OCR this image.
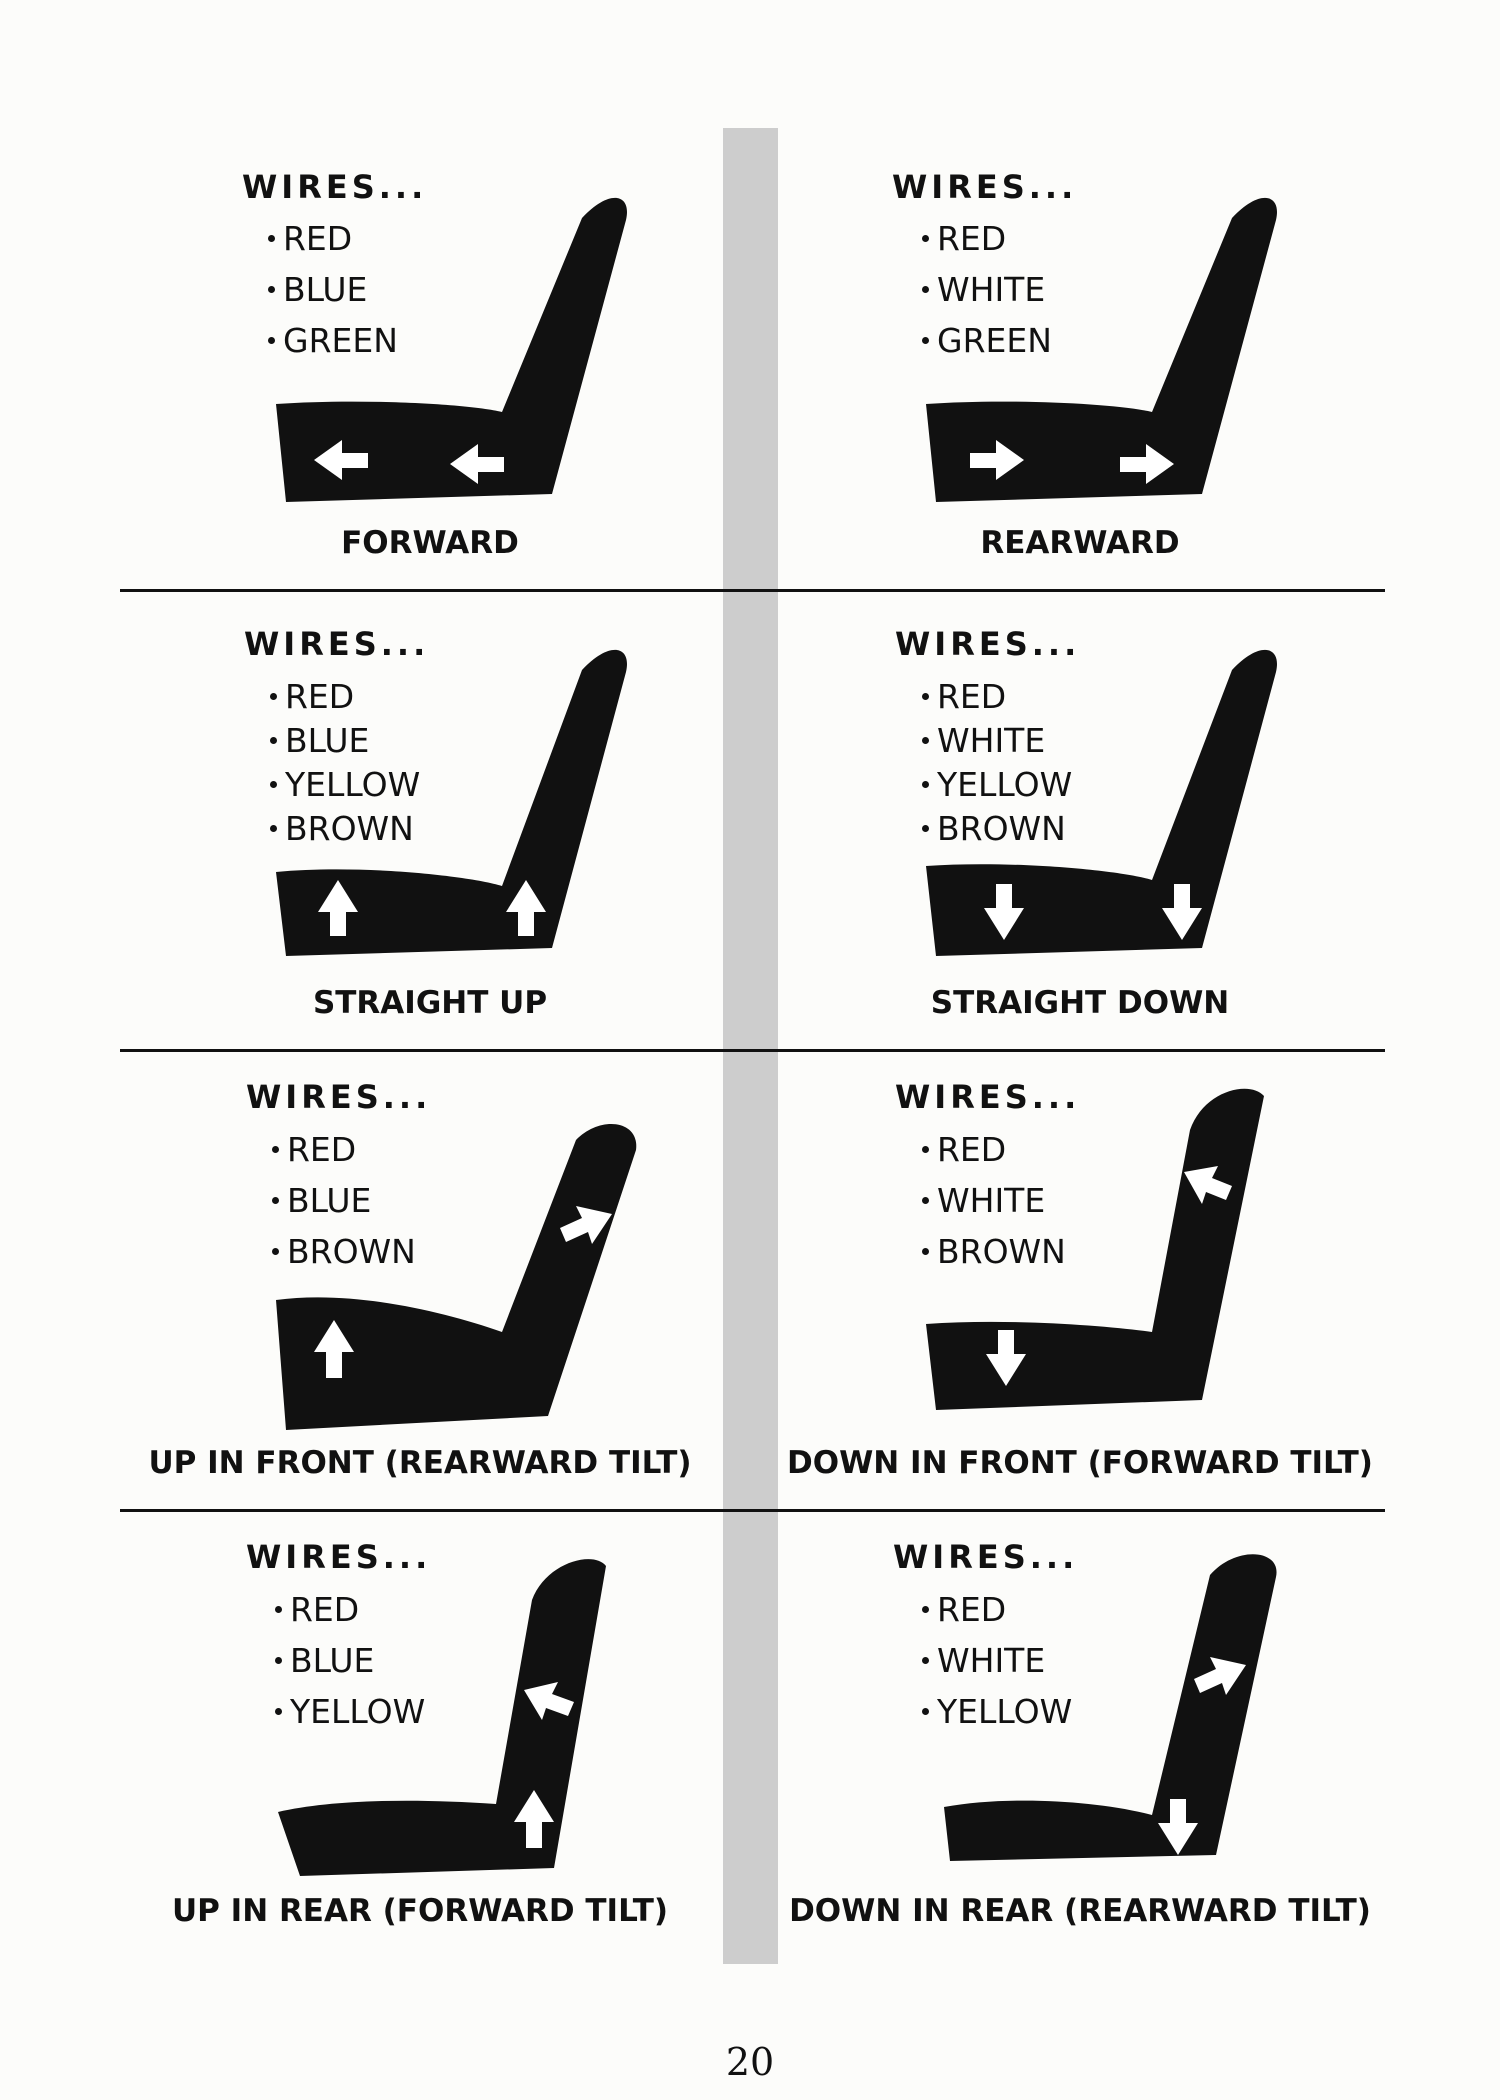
WIRES...
RED
BLUE
GREEN
FORWARD
WIRES...
RED
WHITE
GREEN
REARWARD
WIRES...
RED
BLUE
YELLOW
BROWN
STRAIGHT UP
WIRES...
RED
WHITE
YELLOW
BROWN
STRAIGHT DOWN
WIRES...
RED
BLUE
BROWN
UP IN FRONT (REARWARD TILT)
WIRES...
RED
WHITE
BROWN
DOWN IN FRONT (FORWARD TILT)
WIRES...
RED
BLUE
YELLOW
UP IN REAR (FORWARD TILT)
WIRES...
RED
WHITE
YELLOW
DOWN IN REAR (REARWARD TILT)
20
